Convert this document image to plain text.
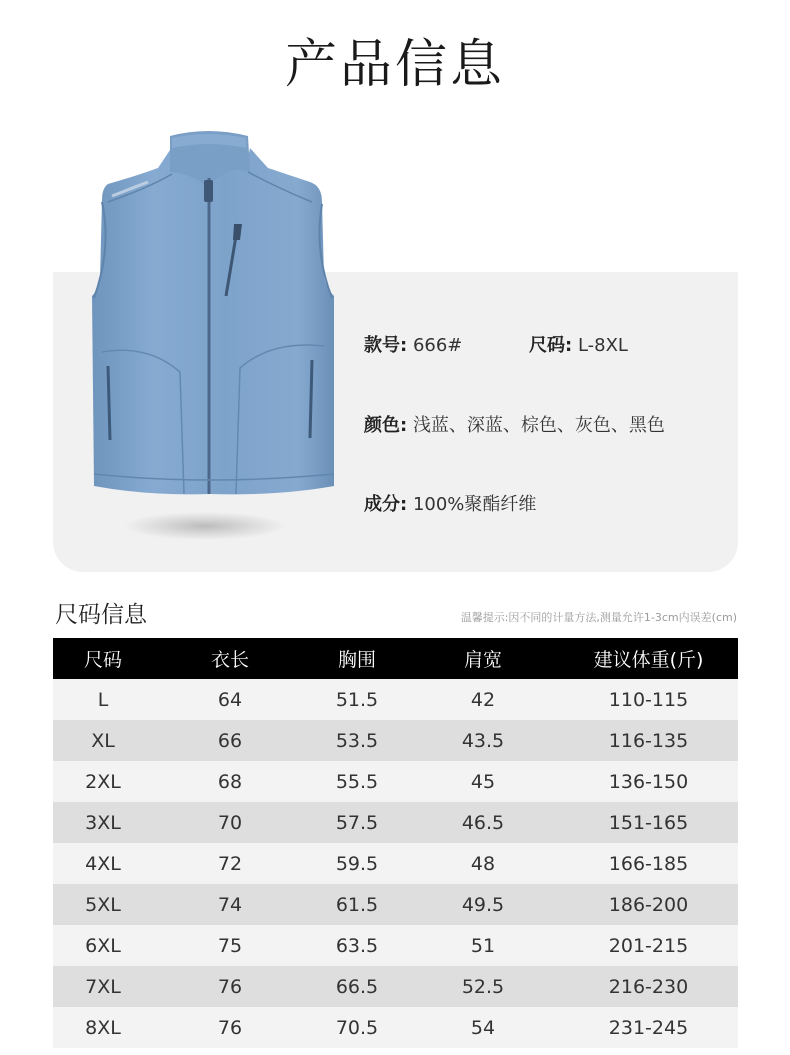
产品信息
款号: 666#	尺码: L-8XL
颜色: 浅蓝、深蓝、棕色、灰色、黑色
成分: 100%聚酯纤维
尺码信息	温馨提示:因不同的计量方法,测量允许1-3cm内误差(cm)
尺码	衣长	胸围	肩宽	建议体重(斤)
L	64	51.5	42	110-115
XL	66	53.5	43.5	116-135
2XL	68	55.5	45	136-150
3XL	70	57.5	46.5	151-165
4XL	72	59.5	48	166-185
5XL	74	61.5	49.5	186-200
6XL	75	63.5	51	201-215
7XL	76	66.5	52.5	216-230
8XL	76	70.5	54	231-245
